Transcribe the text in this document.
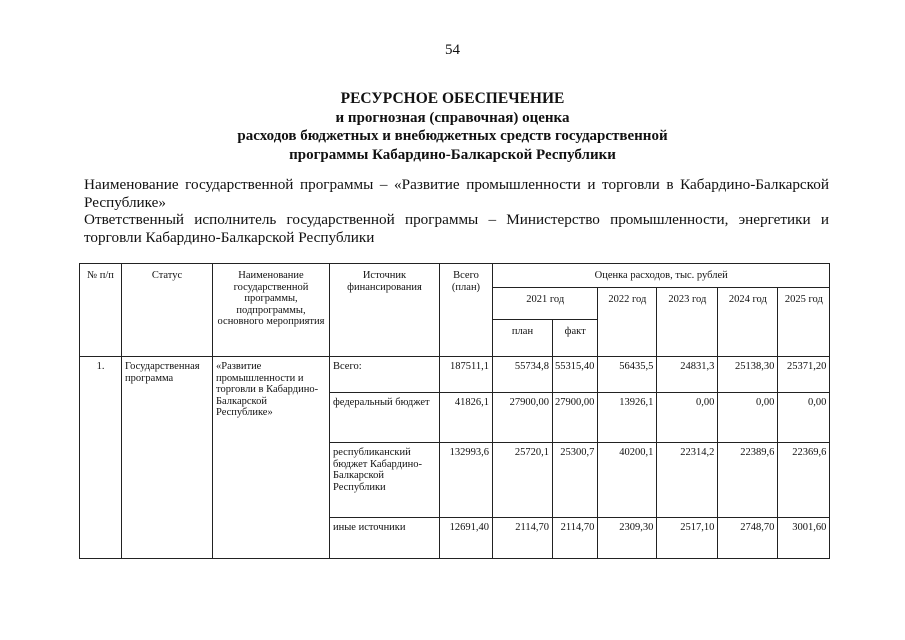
54
РЕСУРСНОЕ ОБЕСПЕЧЕНИЕ
и прогнозная (справочная) оценка
расходов бюджетных и внебюджетных средств государственной
программы Кабардино-Балкарской Республики

Наименование государственной программы – «Развитие промышленности и торговли в Кабардино-Балкарской Республике»

Ответственный исполнитель государственной программы – Министерство промышленности, энергетики и торговли Кабардино-Балкарской Республики

№ п/п	Статус	Наименование государственной программы, подпрограммы, основного мероприятия	Источник финансирования	Всего (план)	Оценка расходов, тыс. рублей					
					2021 год		2022 год	2023 год	2024 год	2025 год
					план	факт				
1.	Государственная программа	«Развитие промышленности и торговли в Кабардино-Балкарской Республике»	Всего:	187511,1	55734,8	55315,40	56435,5	24831,3	25138,30	25371,20
			федеральный бюджет	41826,1	27900,00	27900,00	13926,1	0,00	0,00	0,00
			республиканский бюджет Кабардино-Балкарской Республики	132993,6	25720,1	25300,7	40200,1	22314,2	22389,6	22369,6
			иные источники	12691,40	2114,70	2114,70	2309,30	2517,10	2748,70	3001,60
